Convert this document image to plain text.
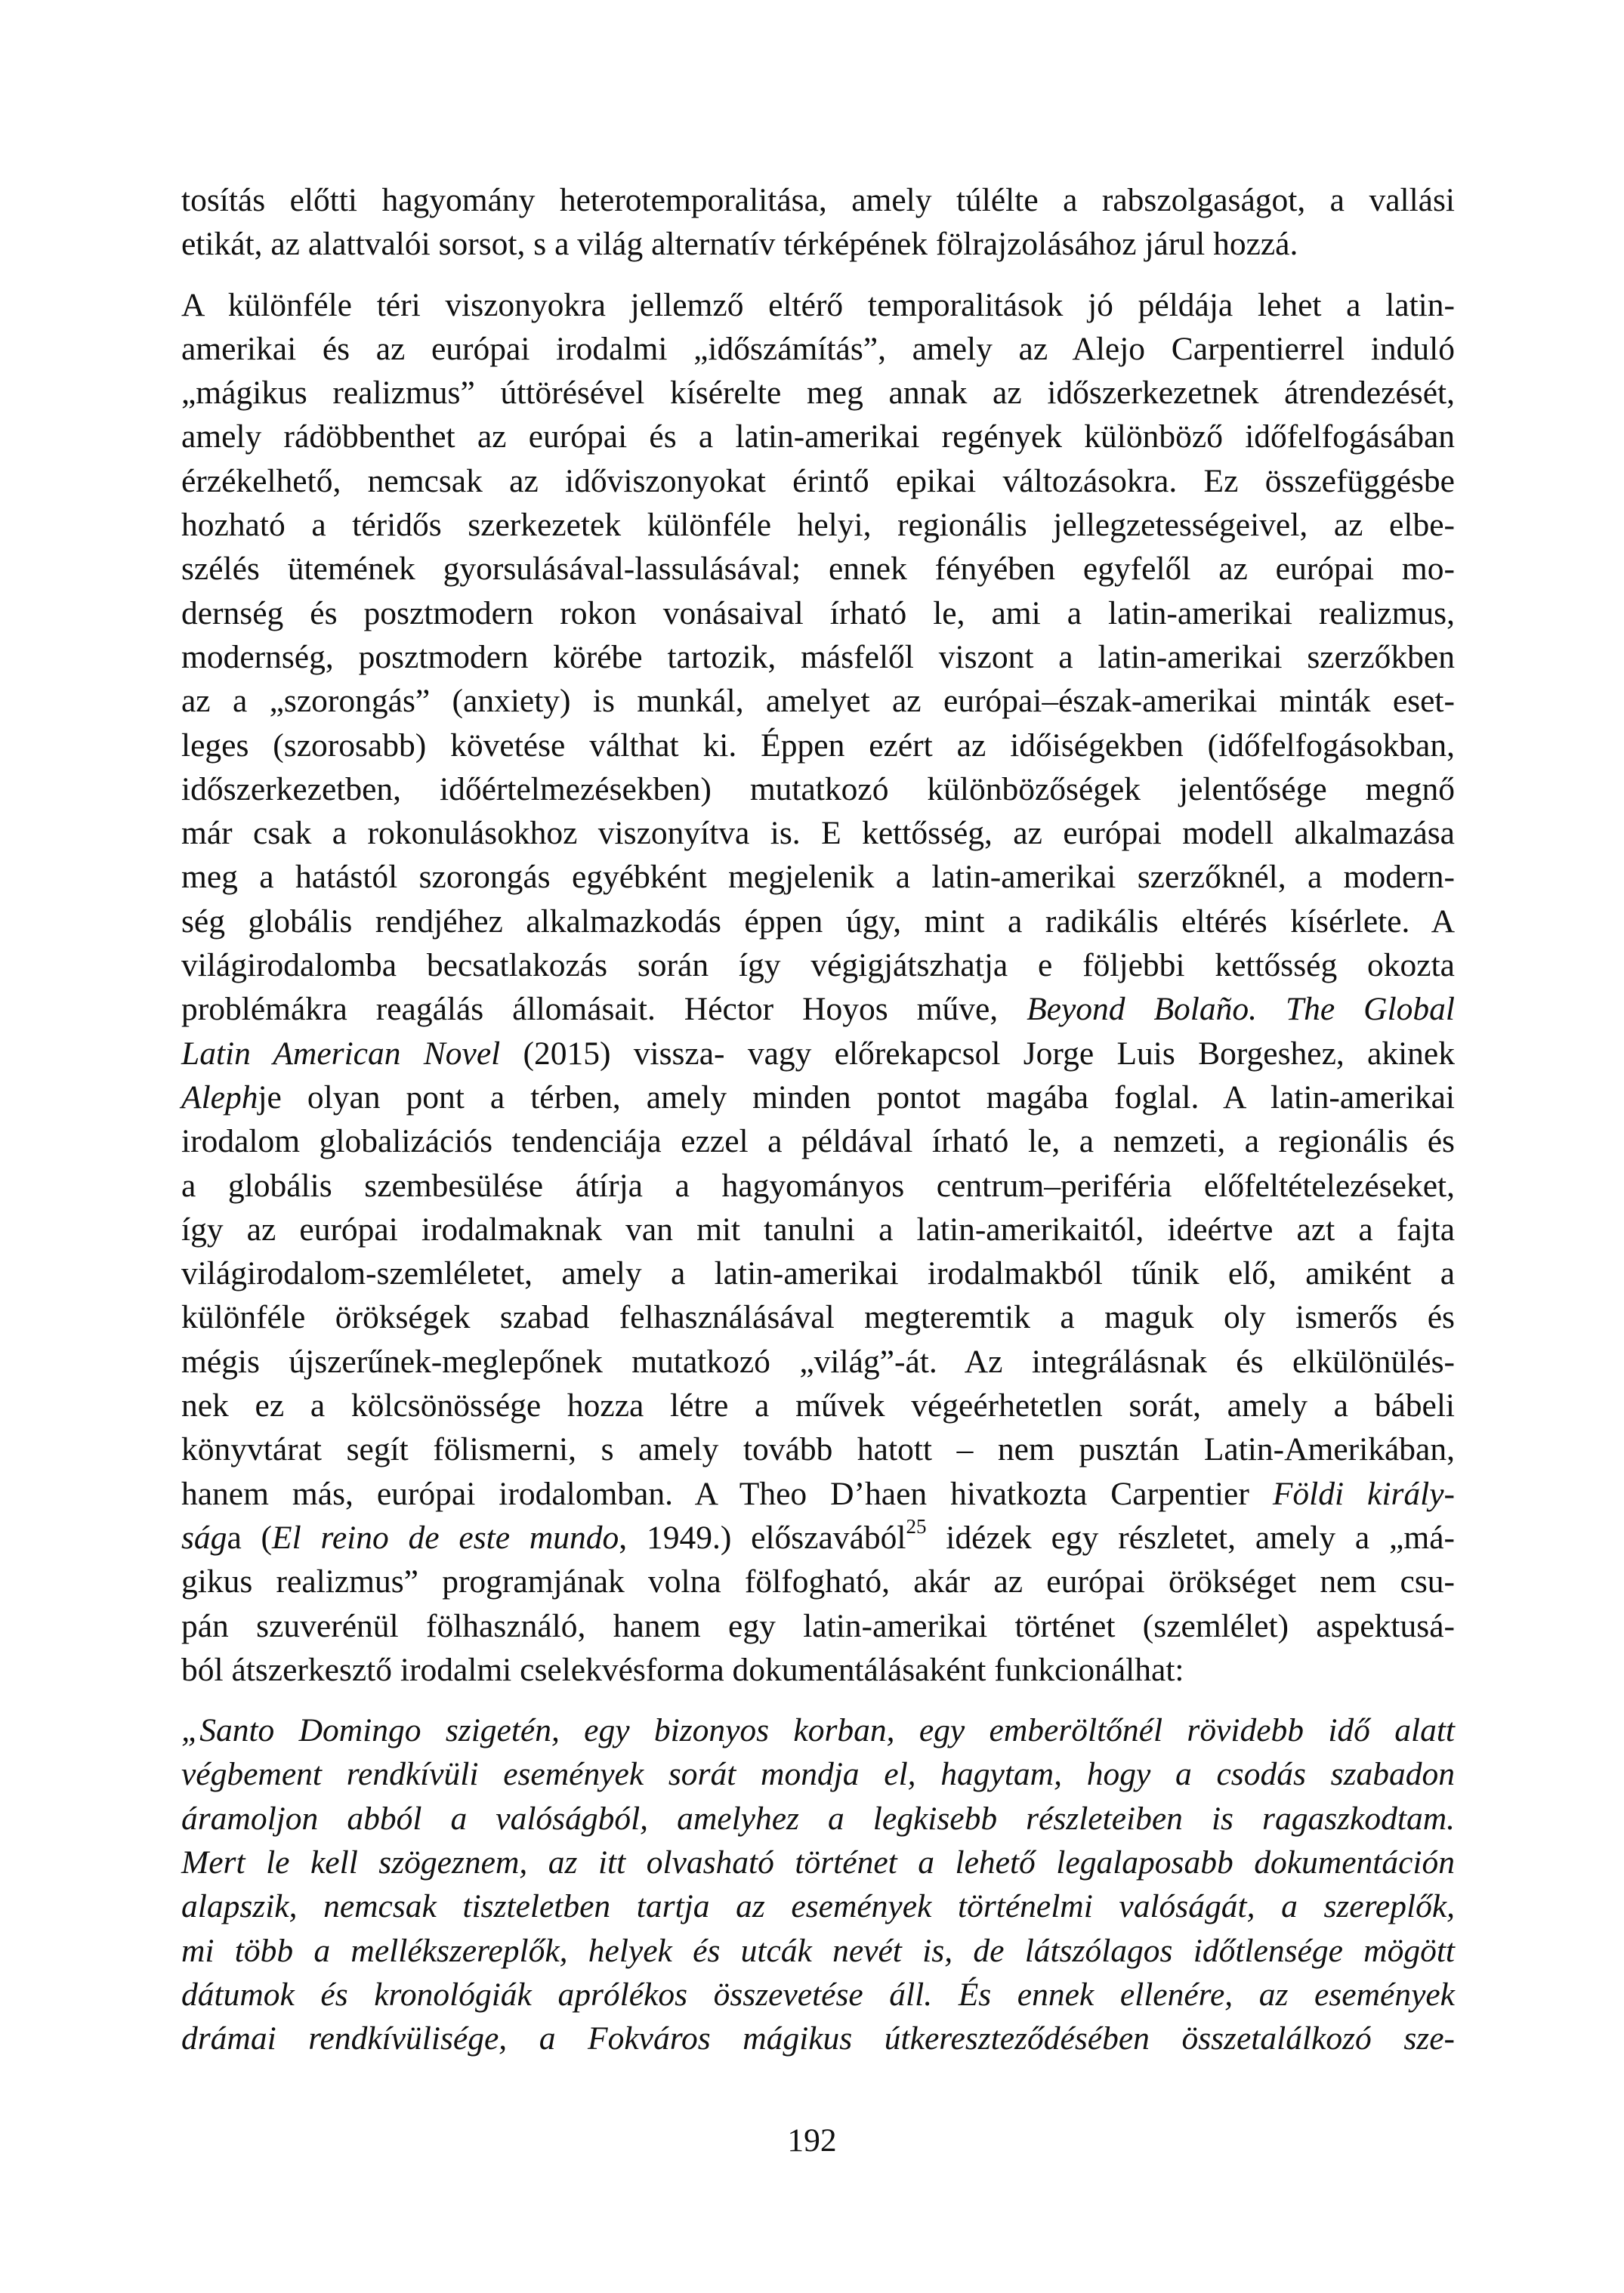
tosítás előtti hagyomány heterotemporalitása, amely túlélte a rabszolgaságot, a vallási
etikát, az alattvalói sorsot, s a világ alternatív térképének fölrajzolásához járul hozzá.
A különféle téri viszonyokra jellemző eltérő temporalitások jó példája lehet a latin-
amerikai és az európai irodalmi „időszámítás”, amely az Alejo Carpentierrel induló
„mágikus realizmus” úttörésével kísérelte meg annak az időszerkezetnek átrendezését,
amely rádöbbenthet az európai és a latin-amerikai regények különböző időfelfogásában
érzékelhető, nemcsak az időviszonyokat érintő epikai változásokra. Ez összefüggésbe
hozható a téridős szerkezetek különféle helyi, regionális jellegzetességeivel, az elbe-
szélés ütemének gyorsulásával-lassulásával; ennek fényében egyfelől az európai mo-
dernség és posztmodern rokon vonásaival írható le, ami a latin-amerikai realizmus,
modernség, posztmodern körébe tartozik, másfelől viszont a latin-amerikai szerzőkben
az a „szorongás” (anxiety) is munkál, amelyet az európai–észak-amerikai minták eset-
leges (szorosabb) követése válthat ki. Éppen ezért az időiségekben (időfelfogásokban,
időszerkezetben, időértelmezésekben) mutatkozó különbözőségek jelentősége megnő
már csak a rokonulásokhoz viszonyítva is. E kettősség, az európai modell alkalmazása
meg a hatástól szorongás egyébként megjelenik a latin-amerikai szerzőknél, a modern-
ség globális rendjéhez alkalmazkodás éppen úgy, mint a radikális eltérés kísérlete. A
világirodalomba becsatlakozás során így végigjátszhatja e följebbi kettősség okozta
problémákra reagálás állomásait. Héctor Hoyos műve, Beyond Bolaño. The Global
Latin American Novel (2015) vissza- vagy előrekapcsol Jorge Luis Borgeshez, akinek
Alephje olyan pont a térben, amely minden pontot magába foglal. A latin-amerikai
irodalom globalizációs tendenciája ezzel a példával írható le, a nemzeti, a regionális és
a globális szembesülése átírja a hagyományos centrum–periféria előfeltételezéseket,
így az európai irodalmaknak van mit tanulni a latin-amerikaitól, ideértve azt a fajta
világirodalom-szemléletet, amely a latin-amerikai irodalmakból tűnik elő, amiként a
különféle örökségek szabad felhasználásával megteremtik a maguk oly ismerős és
mégis újszerűnek-meglepőnek mutatkozó „világ”-át. Az integrálásnak és elkülönülés-
nek ez a kölcsönössége hozza létre a művek végeérhetetlen sorát, amely a bábeli
könyvtárat segít fölismerni, s amely tovább hatott – nem pusztán Latin-Amerikában,
hanem más, európai irodalomban. A Theo D’haen hivatkozta Carpentier Földi király-
sága (El reino de este mundo, 1949.) előszavából$^{25}$ idézek egy részletet, amely a „má-
gikus realizmus” programjának volna fölfogható, akár az európai örökséget nem csu-
pán szuverénül fölhasználó, hanem egy latin-amerikai történet (szemlélet) aspektusá-
ból átszerkesztő irodalmi cselekvésforma dokumentálásaként funkcionálhat:
„Santo Domingo szigetén, egy bizonyos korban, egy emberöltőnél rövidebb idő alatt
végbement rendkívüli események sorát mondja el, hagytam, hogy a csodás szabadon
áramoljon abból a valóságból, amelyhez a legkisebb részleteiben is ragaszkodtam.
Mert le kell szögeznem, az itt olvasható történet a lehető legalaposabb dokumentáción
alapszik, nemcsak tiszteletben tartja az események történelmi valóságát, a szereplők,
mi több a mellékszereplők, helyek és utcák nevét is, de látszólagos időtlensége mögött
dátumok és kronológiák aprólékos összevetése áll. És ennek ellenére, az események
drámai rendkívülisége, a Fokváros mágikus útkereszteződésében összetalálkozó sze-
192
